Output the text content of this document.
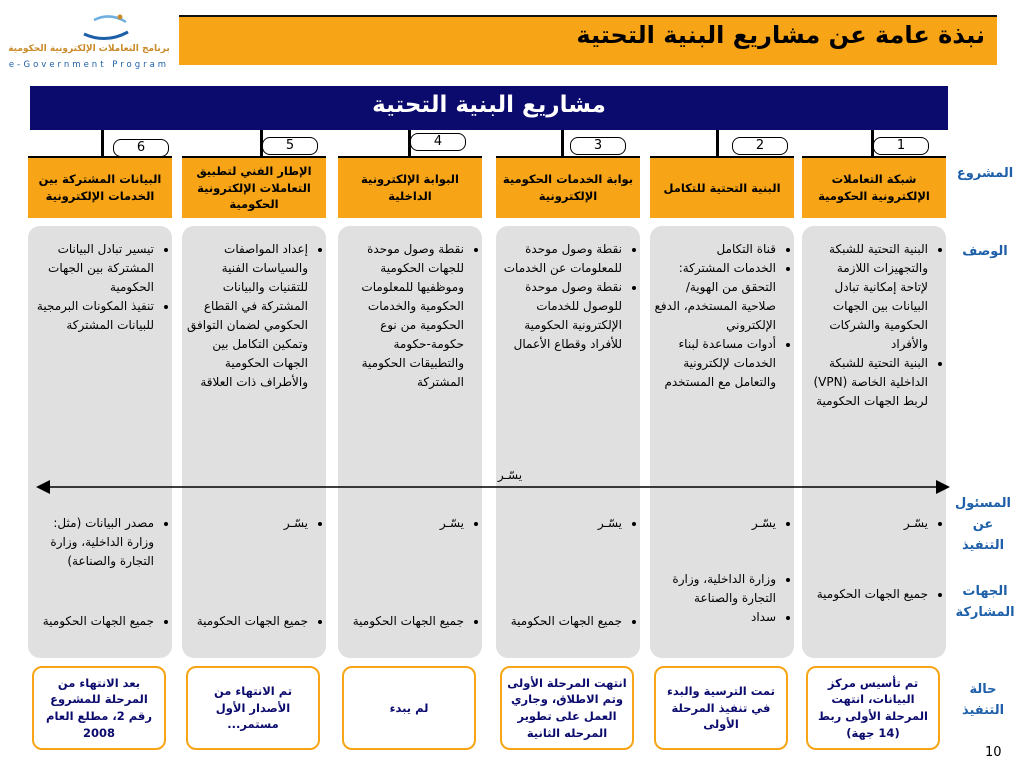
برنامج التعاملات الإلكترونية الحكومية
e-Government Program
نبذة عامة عن مشاريع البنية التحتية
مشاريع البنية التحتية
المشروع
الوصف
المسئول عن التنفيذ
الجهات المشاركة
حالة التنفيذ
1
شبكة التعاملات الإلكترونية الحكومية
• البنية التحتية للشبكة والتجهيزات اللازمة لإتاحة إمكانية تبادل البيانات بين الجهات الحكومية والشركات والأفراد
• البنية التحتية للشبكة الداخلية الخاصة (VPN) لربط الجهات الحكومية
• يسّـر
• جميع الجهات الحكومية
تم تأسيس مركز البيانات، انتهت المرحلة الأولى ربط (14 جهة)
2
البنية التحتية للتكامل
• قناة التكامل
• الخدمات المشتركة: التحقق من الهوية/صلاحية المستخدم، الدفع الإلكتروني
• أدوات مساعدة لبناء الخدمات لإلكترونية والتعامل مع المستخدم
• يسّـر
• وزارة الداخلية، وزارة التجارة والصناعة
• سداد
تمت الترسية والبدء في تنفيذ المرحلة الأولى
3
بوابة الخدمات الحكومية الإلكترونية
• نقطة وصول موحدة للمعلومات عن الخدمات
• نقطة وصول موحدة للوصول للخدمات الإلكترونية الحكومية للأفراد وقطاع الأعمال
• يسّـر
• جميع الجهات الحكومية
انتهت المرحلة الأولى وتم الاطلاق، وجاري العمل على تطوير المرحله الثانية
4
البوابة الإلكترونية الداخلية
• نقطة وصول موحدة للجهات الحكومية وموظفيها للمعلومات الحكومية والخدمات الحكومية من نوع حكومة-حكومة والتطبيقات الحكومية المشتركة
• يسّـر
• جميع الجهات الحكومية
لم يبدء
5
الإطار الفني لتطبيق التعاملات الإلكترونية الحكومية
• إعداد المواصفات والسياسات الفنية للتقنيات والبيانات المشتركة في القطاع الحكومي لضمان التوافق وتمكين التكامل بين الجهات الحكومية والأطراف ذات العلاقة
• يسّـر
• جميع الجهات الحكومية
تم الانتهاء من الأصدار الأول مستمر...
6
البيانات المشتركة بين الخدمات الإلكترونية
• تيسير تبادل البيانات المشتركة بين الجهات الحكومية
• تنفيذ المكونات البرمجية للبيانات المشتركة
• مصدر البيانات (مثل: وزارة الداخلية، وزارة التجارة والصناعة)
• جميع الجهات الحكومية
بعد الانتهاء من المرحلة للمشروع رقم 2، مطلع العام 2008
يسّـر
10
